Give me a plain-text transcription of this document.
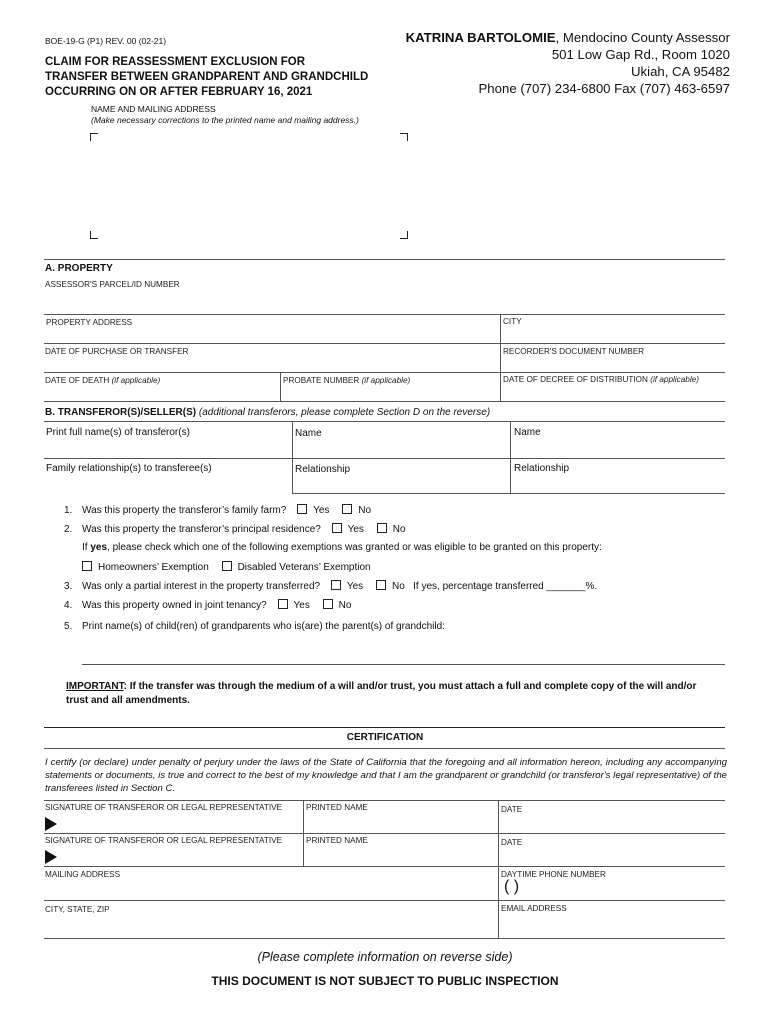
BOE-19-G (P1) REV. 00 (02-21)
CLAIM FOR REASSESSMENT EXCLUSION FOR
TRANSFER BETWEEN GRANDPARENT AND GRANDCHILD
OCCURRING ON OR AFTER FEBRUARY 16, 2021
KATRINA BARTOLOMIE, Mendocino County Assessor
501 Low Gap Rd., Room 1020
Ukiah, CA 95482
Phone (707) 234-6800 Fax (707) 463-6597
NAME AND MAILING ADDRESS
(Make necessary corrections to the printed name and mailing address.)
A. PROPERTY
ASSESSOR'S PARCEL/ID NUMBER
PROPERTY ADDRESS	CITY
DATE OF PURCHASE OR TRANSFER	RECORDER'S DOCUMENT NUMBER
DATE OF DEATH (if applicable)	PROBATE NUMBER (if applicable)	DATE OF DECREE OF DISTRIBUTION (if applicable)
B. TRANSFEROR(S)/SELLER(S) (additional transferors, please complete Section D on the reverse)
Print full name(s) of transferor(s)	Name	Name
Family relationship(s) to transferee(s)	Relationship	Relationship
1. Was this property the transferor’s family farm?	Yes	No
2. Was this property the transferor’s principal residence?	Yes	No
If yes, please check which one of the following exemptions was granted or was eligible to be granted on this property:
Homeowners’ Exemption	Disabled Veterans’ Exemption
3. Was only a partial interest in the property transferred?	Yes	No If yes, percentage transferred _______%.
4. Was this property owned in joint tenancy?	Yes	No
5. Print name(s) of child(ren) of grandparents who is(are) the parent(s) of grandchild:
IMPORTANT: If the transfer was through the medium of a will and/or trust, you must attach a full and complete copy of the will and/or trust and all amendments.
CERTIFICATION
I certify (or declare) under penalty of perjury under the laws of the State of California that the foregoing and all information hereon, including any accompanying statements or documents, is true and correct to the best of my knowledge and that I am the grandparent or grandchild (or transferor's legal representative) of the transferees listed in Section C.
SIGNATURE OF TRANSFEROR OR LEGAL REPRESENTATIVE	PRINTED NAME	DATE
SIGNATURE OF TRANSFEROR OR LEGAL REPRESENTATIVE	PRINTED NAME	DATE
MAILING ADDRESS	DAYTIME PHONE NUMBER
( )
CITY, STATE, ZIP	EMAIL ADDRESS
(Please complete information on reverse side)
THIS DOCUMENT IS NOT SUBJECT TO PUBLIC INSPECTION
